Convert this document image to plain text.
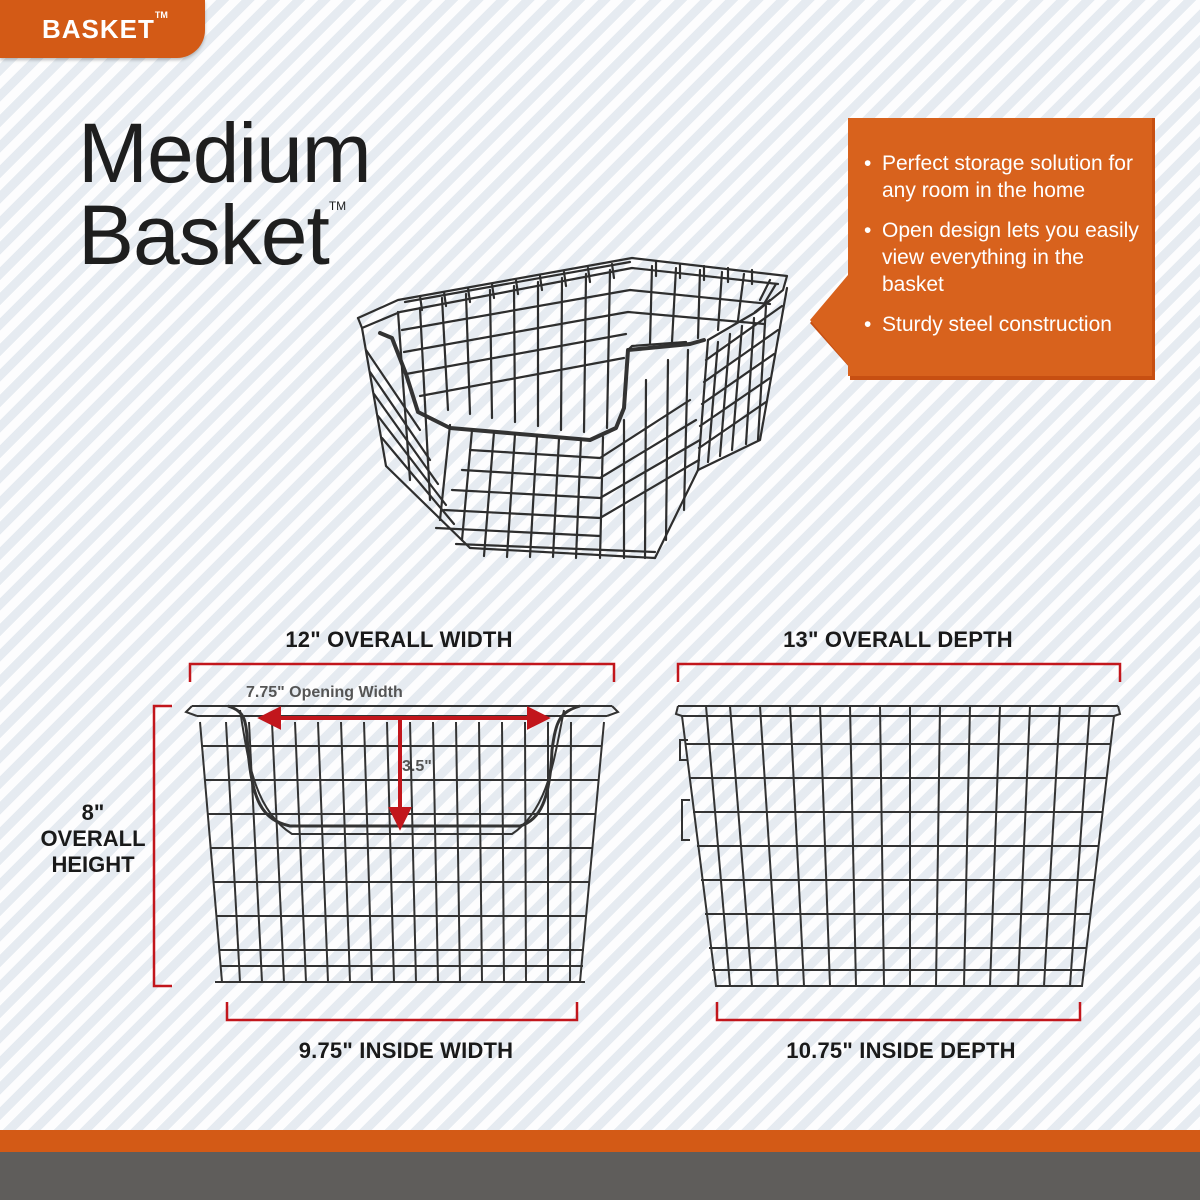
BASKET™
Medium
Basket™
• Perfect storage solution for any room in the home
• Open design lets you easily view everything in the basket
• Sturdy steel construction
12" OVERALL WIDTH	13" OVERALL DEPTH
7.75" Opening Width
3.5"
8"
OVERALL
HEIGHT
9.75" INSIDE WIDTH	10.75" INSIDE DEPTH
